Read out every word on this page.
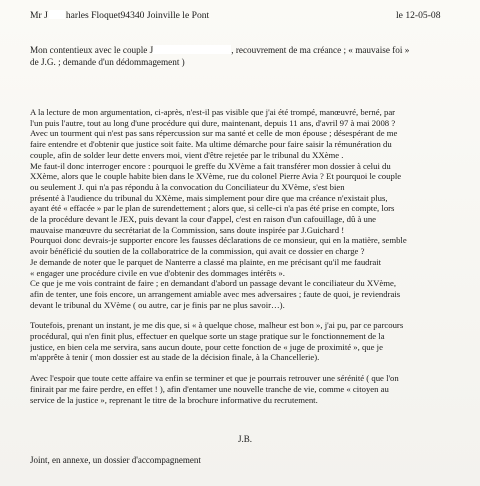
Mr J harles Floquet94340 Joinville le Pont	le 12-05-08
Mon contentieux avec le couple J	, recouvrement de ma créance ; « mauvaise foi »
de J.G. ; demande d'un dédommagement )
A la lecture de mon argumentation, ci-après, n'est-il pas visible que j'ai été trompé, manœuvré, berné, par
l'un puis l'autre, tout au long d'une procédure qui dure, maintenant, depuis 11 ans, d'avril 97 à mai 2008 ?
Avec un tourment qui n'est pas sans répercussion sur ma santé et celle de mon épouse ; désespérant de me
faire entendre et d'obtenir que justice soit faite. Ma ultime démarche pour faire saisir la rémunération du
couple, afin de solder leur dette envers moi, vient d'être rejetée par le tribunal du XXème .
Me faut-il donc interroger encore : pourquoi le greffe du XVème a fait transférer mon dossier à celui du
XXème, alors que le couple habite bien dans le XVème, rue du colonel Pierre Avia ? Et pourquoi le couple
ou seulement J. qui n'a pas répondu à la convocation du Conciliateur du XVème, s'est bien
présenté à l'audience du tribunal du XXème, mais simplement pour dire que ma créance n'existait plus,
ayant été « effacée » par le plan de surendettement ; alors que, si celle-ci n'a pas été prise en compte, lors
de la procédure devant le JEX, puis devant la cour d'appel, c'est en raison d'un cafouillage, dû à une
mauvaise manœuvre du secrétariat de la Commission, sans doute inspirée par J.Guichard !
Pourquoi donc devrais-je supporter encore les fausses déclarations de ce monsieur, qui en la matière, semble
avoir bénéficié du soutien de la collaboratrice de la commission, qui avait ce dossier en charge ?
Je demande de noter que le parquet de Nanterre a classé ma plainte, en me précisant qu'il me faudrait
« engager une procédure civile en vue d'obtenir des dommages intérêts ».
Ce que je me vois contraint de faire ; en demandant d'abord un passage devant le conciliateur du XVème,
afin de tenter, une fois encore, un arrangement amiable avec mes adversaires ; faute de quoi, je reviendrais
devant le tribunal du XVème ( ou autre, car je finis par ne plus savoir…).
Toutefois, prenant un instant, je me dis que, si « à quelque chose, malheur est bon », j'ai pu, par ce parcours
procédural, qui n'en finit plus, effectuer en quelque sorte un stage pratique sur le fonctionnement de la
justice, en bien cela me servira, sans aucun doute, pour cette fonction de « juge de proximité », que je
m'apprête à tenir ( mon dossier est au stade de la décision finale, à la Chancellerie).
Avec l'espoir que toute cette affaire va enfin se terminer et que je pourrais retrouver une sérénité ( que l'on
finirait par me faire perdre, en effet ! ), afin d'entamer une nouvelle tranche de vie, comme « citoyen au
service de la justice », reprenant le titre de la brochure informative du recrutement.
J.B.
Joint, en annexe, un dossier d'accompagnement
